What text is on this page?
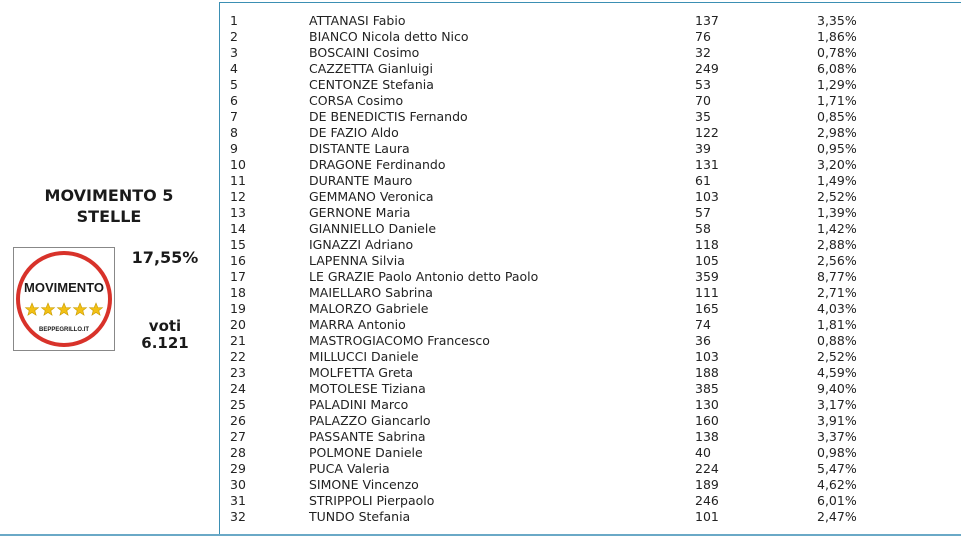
MOVIMENTO 5
STELLE
MOVIMENTO
BEPPEGRILLO.IT
17,55%
voti
6.121
1	ATTANASI Fabio	137	3,35%
2	BIANCO Nicola detto Nico	76	1,86%
3	BOSCAINI Cosimo	32	0,78%
4	CAZZETTA Gianluigi	249	6,08%
5	CENTONZE Stefania	53	1,29%
6	CORSA Cosimo	70	1,71%
7	DE BENEDICTIS Fernando	35	0,85%
8	DE FAZIO Aldo	122	2,98%
9	DISTANTE Laura	39	0,95%
10	DRAGONE Ferdinando	131	3,20%
11	DURANTE Mauro	61	1,49%
12	GEMMANO Veronica	103	2,52%
13	GERNONE Maria	57	1,39%
14	GIANNIELLO Daniele	58	1,42%
15	IGNAZZI Adriano	118	2,88%
16	LAPENNA Silvia	105	2,56%
17	LE GRAZIE Paolo Antonio detto Paolo	359	8,77%
18	MAIELLARO Sabrina	111	2,71%
19	MALORZO Gabriele	165	4,03%
20	MARRA Antonio	74	1,81%
21	MASTROGIACOMO Francesco	36	0,88%
22	MILLUCCI Daniele	103	2,52%
23	MOLFETTA Greta	188	4,59%
24	MOTOLESE Tiziana	385	9,40%
25	PALADINI Marco	130	3,17%
26	PALAZZO Giancarlo	160	3,91%
27	PASSANTE Sabrina	138	3,37%
28	POLMONE Daniele	40	0,98%
29	PUCA Valeria	224	5,47%
30	SIMONE Vincenzo	189	4,62%
31	STRIPPOLI Pierpaolo	246	6,01%
32	TUNDO Stefania	101	2,47%
